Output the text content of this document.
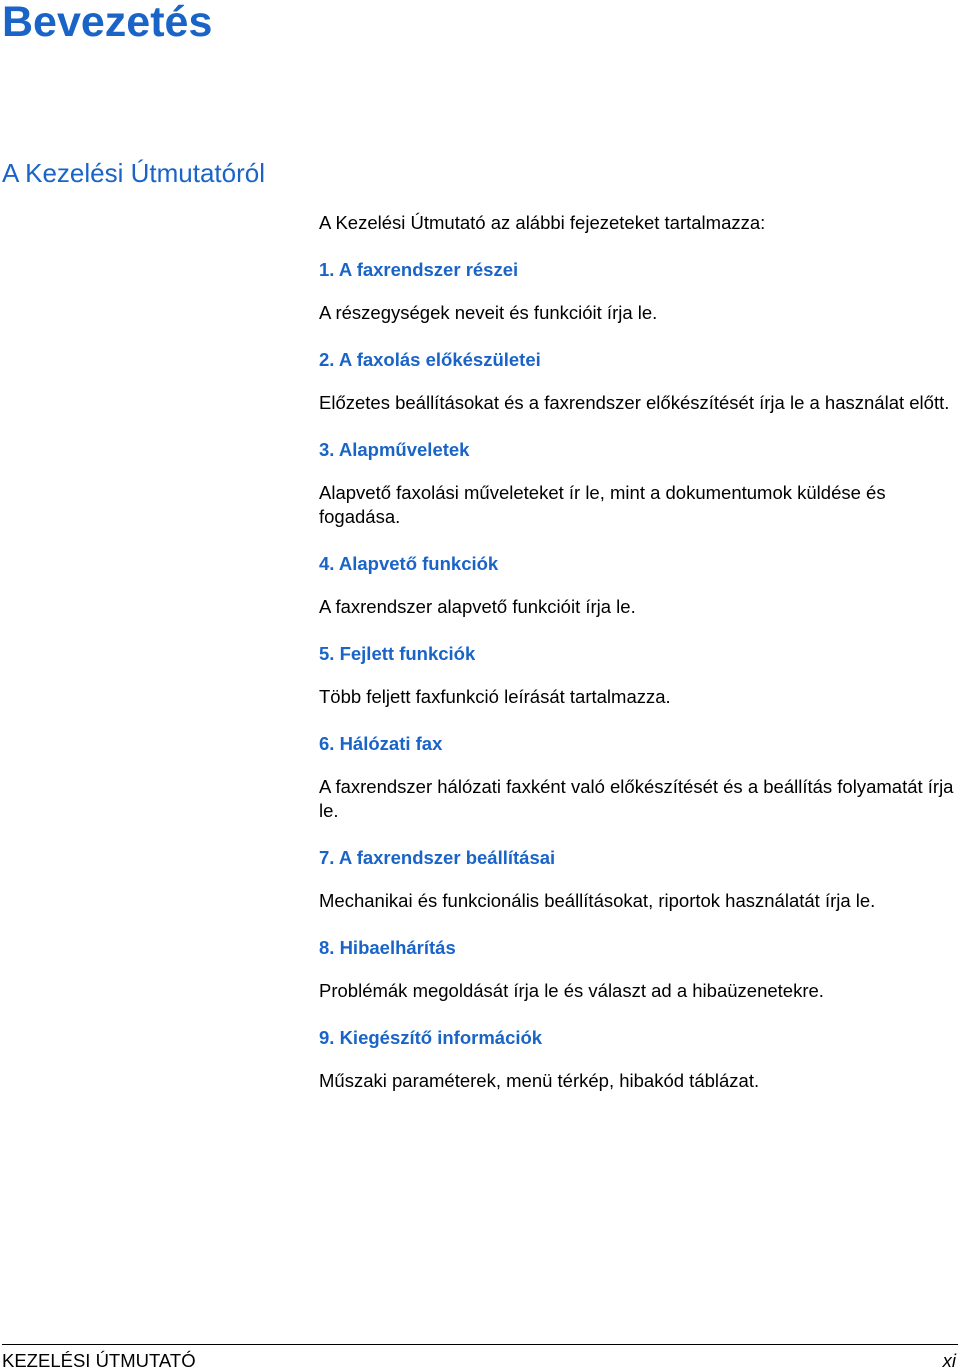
Bevezetés
A Kezelési Útmutatóról

A Kezelési Útmutató az alábbi fejezeteket tartalmazza:

1. A faxrendszer részei

A részegységek neveit és funkcióit írja le.

2. A faxolás előkészületei

Előzetes beállításokat és a faxrendszer előkészítését írja le a használat előtt.

3. Alapműveletek

Alapvető faxolási műveleteket ír le, mint a dokumentumok küldése és fogadása.

4. Alapvető funkciók

A faxrendszer alapvető funkcióit írja le.

5. Fejlett funkciók

Több feljett faxfunkció leírását tartalmazza.

6. Hálózati fax

A faxrendszer hálózati faxként való előkészítését és a beállítás folyamatát írja le.

7. A faxrendszer beállításai

Mechanikai és funkcionális beállításokat, riportok használatát írja le.

8. Hibaelhárítás

Problémák megoldását írja le és választ ad a hibaüzenetekre.

9. Kiegészítő információk

Műszaki paraméterek, menü térkép, hibakód táblázat.

KEZELÉSI ÚTMUTATÓ	xi
